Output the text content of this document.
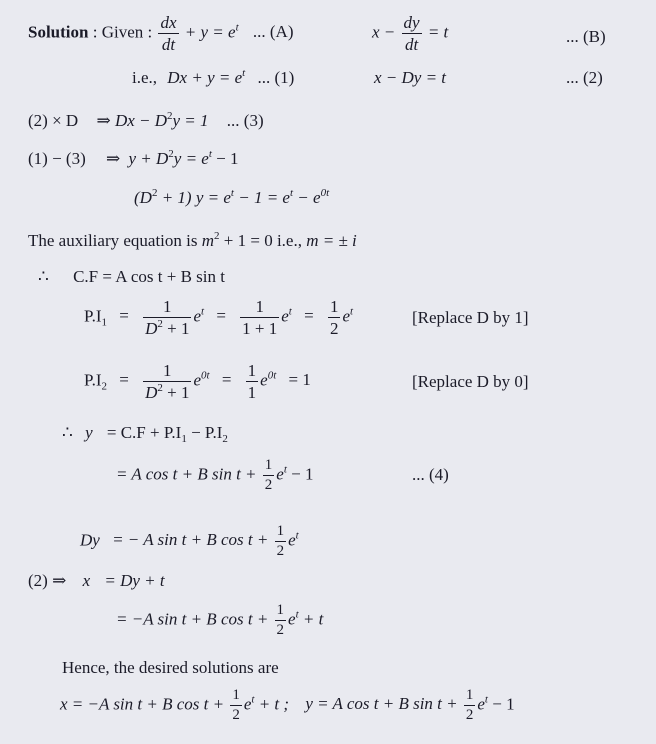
Solution : Given : $\frac{dx}{dt} + y = e^t$ ... (A)	$x - \frac{dy}{dt} = t$	... (B)
i.e., $Dx + y = e^t$ ... (1)	x − Dy = t	... (2)
(2) × D ⇒ $Dx - D^2y = 1$ ... (3)
(1) − (3) ⇒ $y + D^2y = e^t - 1$
$(D^2 + 1) y = e^t - 1 = e^t - e^{0t}$
The auxiliary equation is $m^2 + 1 = 0$ i.e., m = ± i
∴ C.F = A cos t + B sin t
$P.I_1 = \frac{1}{D^2 + 1} e^t = \frac{1}{1 + 1} e^t = \frac{1}{2} e^t$	[Replace D by 1]
$P.I_2 = \frac{1}{D^2 + 1} e^{0t} = \frac{1}{1} e^{0t} = 1$	[Replace D by 0]
∴ $y = C.F + P.I_1 - P.I_2$
= A cos t + B $\sin t + \frac{1}{2} e^t - 1$	... (4)
Dy = − A sin t + B $\cos t + \frac{1}{2} e^t$
(2) ⇒ x = Dy + t
= −A sin t + B $\cos t + \frac{1}{2} e^t + t$
Hence, the desired solutions are
x = −A sin t + B $\cos t + \frac{1}{2} e^t + t$ ; y = A cos t + B $\sin t + \frac{1}{2} e^t - 1$
